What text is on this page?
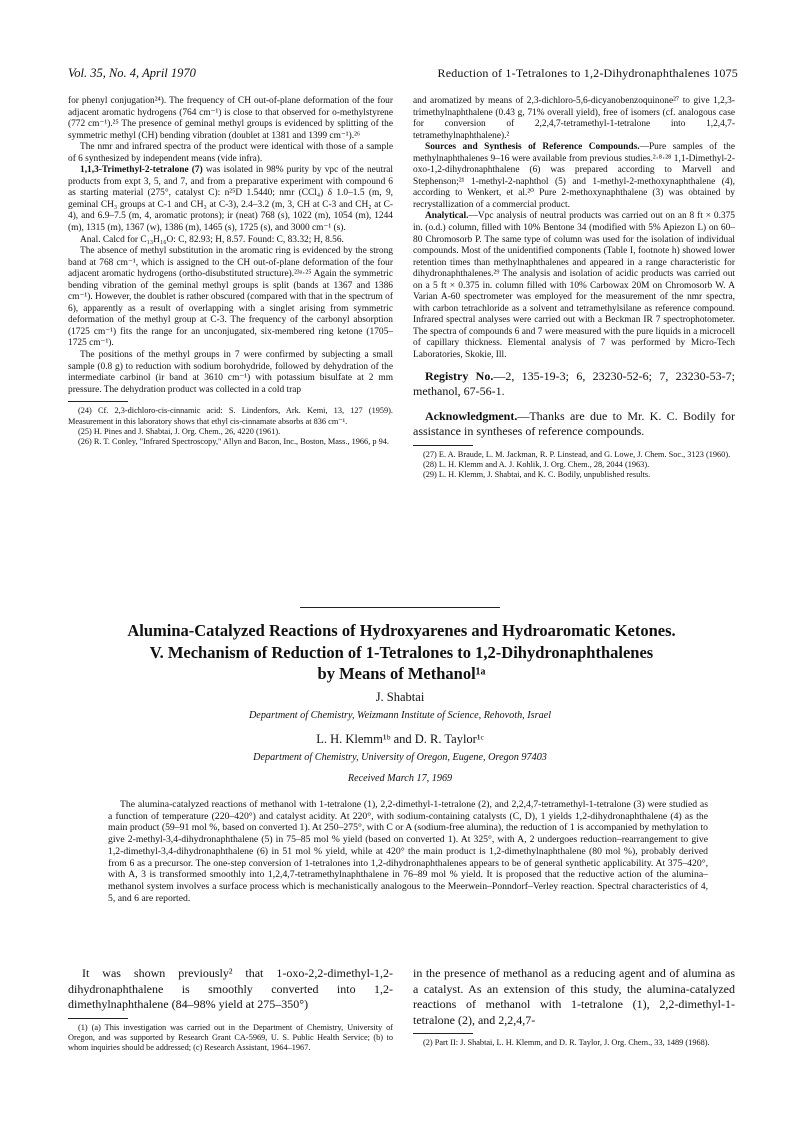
Vol. 35, No. 4, April 1970	Reduction of 1-Tetralones to 1,2-Dihydronaphthalenes 1075

for phenyl conjugation²⁴). The frequency of CH out-of-plane deformation of the four adjacent aromatic hydrogens (764 cm⁻¹) is close to that observed for o-methylstyrene (772 cm⁻¹).²⁵ The presence of geminal methyl groups is evidenced by splitting of the symmetric methyl (CH) bending vibration (doublet at 1381 and 1399 cm⁻¹).²⁶

The nmr and infrared spectra of the product were identical with those of a sample of 6 synthesized by independent means (vide infra).

1,1,3-Trimethyl-2-tetralone (7) was isolated in 98% purity by vpc of the neutral products from expt 3, 5, and 7, and from a preparative experiment with compound 6 as starting material (275°, catalyst C): n²⁵D 1.5440; nmr (CCl₄) δ 1.0–1.5 (m, 9, geminal CH₃ groups at C-1 and CH₃ at C-3), 2.4–3.2 (m, 3, CH at C-3 and CH₂ at C-4), and 6.9–7.5 (m, 4, aromatic protons); ir (neat) 768 (s), 1022 (m), 1054 (m), 1244 (m), 1315 (m), 1367 (w), 1386 (m), 1465 (s), 1725 (s), and 3000 cm⁻¹ (s).

Anal. Calcd for C₁₃H₁₆O: C, 82.93; H, 8.57. Found: C, 83.32; H, 8.56.

The absence of methyl substitution in the aromatic ring is evidenced by the strong band at 768 cm⁻¹, which is assigned to the CH out-of-plane deformation of the four adjacent aromatic hydrogens (ortho-disubstituted structure).²³ᵃ·²⁵ Again the symmetric bending vibration of the geminal methyl groups is split (bands at 1367 and 1386 cm⁻¹). However, the doublet is rather obscured (compared with that in the spectrum of 6), apparently as a result of overlapping with a singlet arising from symmetric deformation of the methyl group at C-3. The frequency of the carbonyl absorption (1725 cm⁻¹) fits the range for an unconjugated, six-membered ring ketone (1705–1725 cm⁻¹).

The positions of the methyl groups in 7 were confirmed by subjecting a small sample (0.8 g) to reduction with sodium borohydride, followed by dehydration of the intermediate carbinol (ir band at 3610 cm⁻¹) with potassium bisulfate at 2 mm pressure. The dehydration product was collected in a cold trap

(24) Cf. 2,3-dichloro-cis-cinnamic acid: S. Lindenfors, Ark. Kemi, 13, 127 (1959). Measurement in this laboratory shows that ethyl cis-cinnamate absorbs at 836 cm⁻¹.

(25) H. Pines and J. Shabtai, J. Org. Chem., 26, 4220 (1961).

(26) R. T. Conley, "Infrared Spectroscopy," Allyn and Bacon, Inc., Boston, Mass., 1966, p 94.

and aromatized by means of 2,3-dichloro-5,6-dicyanobenzoquinone²⁷ to give 1,2,3-trimethylnaphthalene (0.43 g, 71% overall yield), free of isomers (cf. analogous case for conversion of 2,2,4,7-tetramethyl-1-tetralone into 1,2,4,7-tetramethylnaphthalene).²

Sources and Synthesis of Reference Compounds.—Pure samples of the methylnaphthalenes 9–16 were available from previous studies.²·⁸·²⁸ 1,1-Dimethyl-2-oxo-1,2-dihydronaphthalene (6) was prepared according to Marvell and Stephenson;²¹ 1-methyl-2-naphthol (5) and 1-methyl-2-methoxynaphthalene (4), according to Wenkert, et al.²⁰ Pure 2-methoxynaphthalene (3) was obtained by recrystallization of a commercial product.

Analytical.—Vpc analysis of neutral products was carried out on an 8 ft × 0.375 in. (o.d.) column, filled with 10% Bentone 34 (modified with 5% Apiezon L) on 60–80 Chromosorb P. The same type of column was used for the isolation of individual compounds. Most of the unidentified components (Table I, footnote h) showed lower retention times than methylnaphthalenes and appeared in a range characteristic for dihydronaphthalenes.²⁹ The analysis and isolation of acidic products was carried out on a 5 ft × 0.375 in. column filled with 10% Carbowax 20M on Chromosorb W. A Varian A-60 spectrometer was employed for the measurement of the nmr spectra, with carbon tetrachloride as a solvent and tetramethylsilane as reference compound. Infrared spectral analyses were carried out with a Beckman IR 7 spectrophotometer. The spectra of compounds 6 and 7 were measured with the pure liquids in a microcell of capillary thickness. Elemental analysis of 7 was performed by Micro-Tech Laboratories, Skokie, Ill.

Registry No.—2, 135-19-3; 6, 23230-52-6; 7, 23230-53-7; methanol, 67-56-1.
Acknowledgment.—Thanks are due to Mr. K. C. Bodily for assistance in syntheses of reference compounds.

(27) E. A. Braude, L. M. Jackman, R. P. Linstead, and G. Lowe, J. Chem. Soc., 3123 (1960).

(28) L. H. Klemm and A. J. Kohlik, J. Org. Chem., 28, 2044 (1963).

(29) L. H. Klemm, J. Shabtai, and K. C. Bodily, unpublished results.

Alumina-Catalyzed Reactions of Hydroxyarenes and Hydroaromatic Ketones.
V. Mechanism of Reduction of 1-Tetralones to 1,2-Dihydronaphthalenes
by Means of Methanol¹ᵃ
J. Shabtai
Department of Chemistry, Weizmann Institute of Science, Rehovoth, Israel
L. H. Klemm¹ᵇ and D. R. Taylor¹ᶜ
Department of Chemistry, University of Oregon, Eugene, Oregon 97403
Received March 17, 1969

The alumina-catalyzed reactions of methanol with 1-tetralone (1), 2,2-dimethyl-1-tetralone (2), and 2,2,4,7-tetramethyl-1-tetralone (3) were studied as a function of temperature (220–420°) and catalyst acidity. At 220°, with sodium-containing catalysts (C, D), 1 yields 1,2-dihydronaphthalene (4) as the main product (59–91 mol %, based on converted 1). At 250–275°, with C or A (sodium-free alumina), the reduction of 1 is accompanied by methylation to give 2-methyl-3,4-dihydronaphthalene (5) in 75–85 mol % yield (based on converted 1). At 325°, with A, 2 undergoes reduction–rearrangement to give 1,2-dimethyl-3,4-dihydronaphthalene (6) in 51 mol % yield, while at 420° the main product is 1,2-dimethylnaphthalene (80 mol %), probably derived from 6 as a precursor. The one-step conversion of 1-tetralones into 1,2-dihydronaphthalenes appears to be of general synthetic applicability. At 375–420°, with A, 3 is transformed smoothly into 1,2,4,7-tetramethylnaphthalene in 76–89 mol % yield. It is proposed that the reductive action of the alumina–methanol system involves a surface process which is mechanistically analogous to the Meerwein–Ponndorf–Verley reaction. Spectral characteristics of 4, 5, and 6 are reported.

It was shown previously² that 1-oxo-2,2-dimethyl-1,2-dihydronaphthalene is smoothly converted into 1,2-dimethylnaphthalene (84–98% yield at 275–350°)

(1) (a) This investigation was carried out in the Department of Chemistry, University of Oregon, and was supported by Research Grant CA-5969, U. S. Public Health Service; (b) to whom inquiries should be addressed; (c) Research Assistant, 1964–1967.

in the presence of methanol as a reducing agent and of alumina as a catalyst. As an extension of this study, the alumina-catalyzed reactions of methanol with 1-tetralone (1), 2,2-dimethyl-1-tetralone (2), and 2,2,4,7-

(2) Part II: J. Shabtai, L. H. Klemm, and D. R. Taylor, J. Org. Chem., 33, 1489 (1968).
